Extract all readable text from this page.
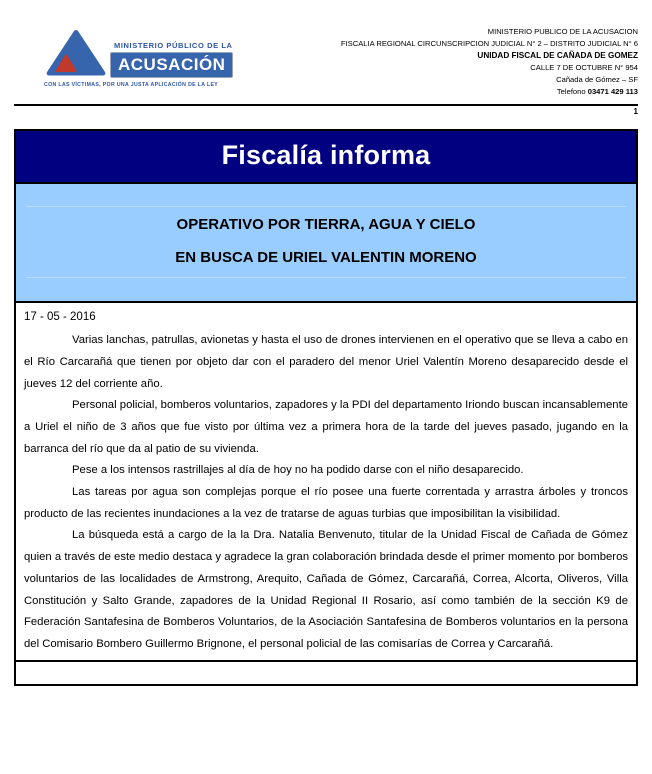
MINISTERIO PÚBLICO DE LA
ACUSACIÓN
CON LAS VÍCTIMAS, POR UNA JUSTA APLICACIÓN DE LA LEY
MINISTERIO PUBLICO DE LA ACUSACION
FISCALIA REGIONAL CIRCUNSCRIPCION JUDICIAL N° 2 – DISTRITO JUDICIAL N° 6
UNIDAD FISCAL DE CAÑADA DE GOMEZ
CALLE 7 DE OCTUBRE N° 954
Cañada de Gómez – SF
Telefono 03471 429 113
1
Fiscalía informa
OPERATIVO POR TIERRA, AGUA Y CIELO
EN BUSCA DE URIEL VALENTIN MORENO
17 - 05 - 2016

Varias lanchas, patrullas, avionetas y hasta el uso de drones intervienen en el operativo que se lleva a cabo en el Río Carcarañá que tienen por objeto dar con el paradero del menor Uriel Valentín Moreno desaparecido desde el jueves 12 del corriente año.

Personal policial, bomberos voluntarios, zapadores y la PDI del departamento Iriondo buscan incansablemente a Uriel el niño de 3 años que fue visto por última vez a primera hora de la tarde del jueves pasado, jugando en la barranca del río que da al patio de su vivienda.

Pese a los intensos rastrillajes al día de hoy no ha podido darse con el niño desaparecido.

Las tareas por agua son complejas porque el río posee una fuerte correntada y arrastra árboles y troncos producto de las recientes inundaciones a la vez de tratarse de aguas turbias que imposibilitan la visibilidad.

La búsqueda está a cargo de la la Dra. Natalia Benvenuto, titular de la Unidad Fiscal de Cañada de Gómez quien a través de este medio destaca y agradece la gran colaboración brindada desde el primer momento por bomberos voluntarios de las localidades de Armstrong, Arequito, Cañada de Gómez, Carcarañá, Correa, Alcorta, Oliveros, Villa Constitución y Salto Grande, zapadores de la Unidad Regional II Rosario, así como también de la sección K9 de Federación Santafesina de Bomberos Voluntarios, de la Asociación Santafesina de Bomberos voluntarios en la persona del Comisario Bombero Guillermo Brignone, el personal policial de las comisarías de Correa y Carcarañá.
